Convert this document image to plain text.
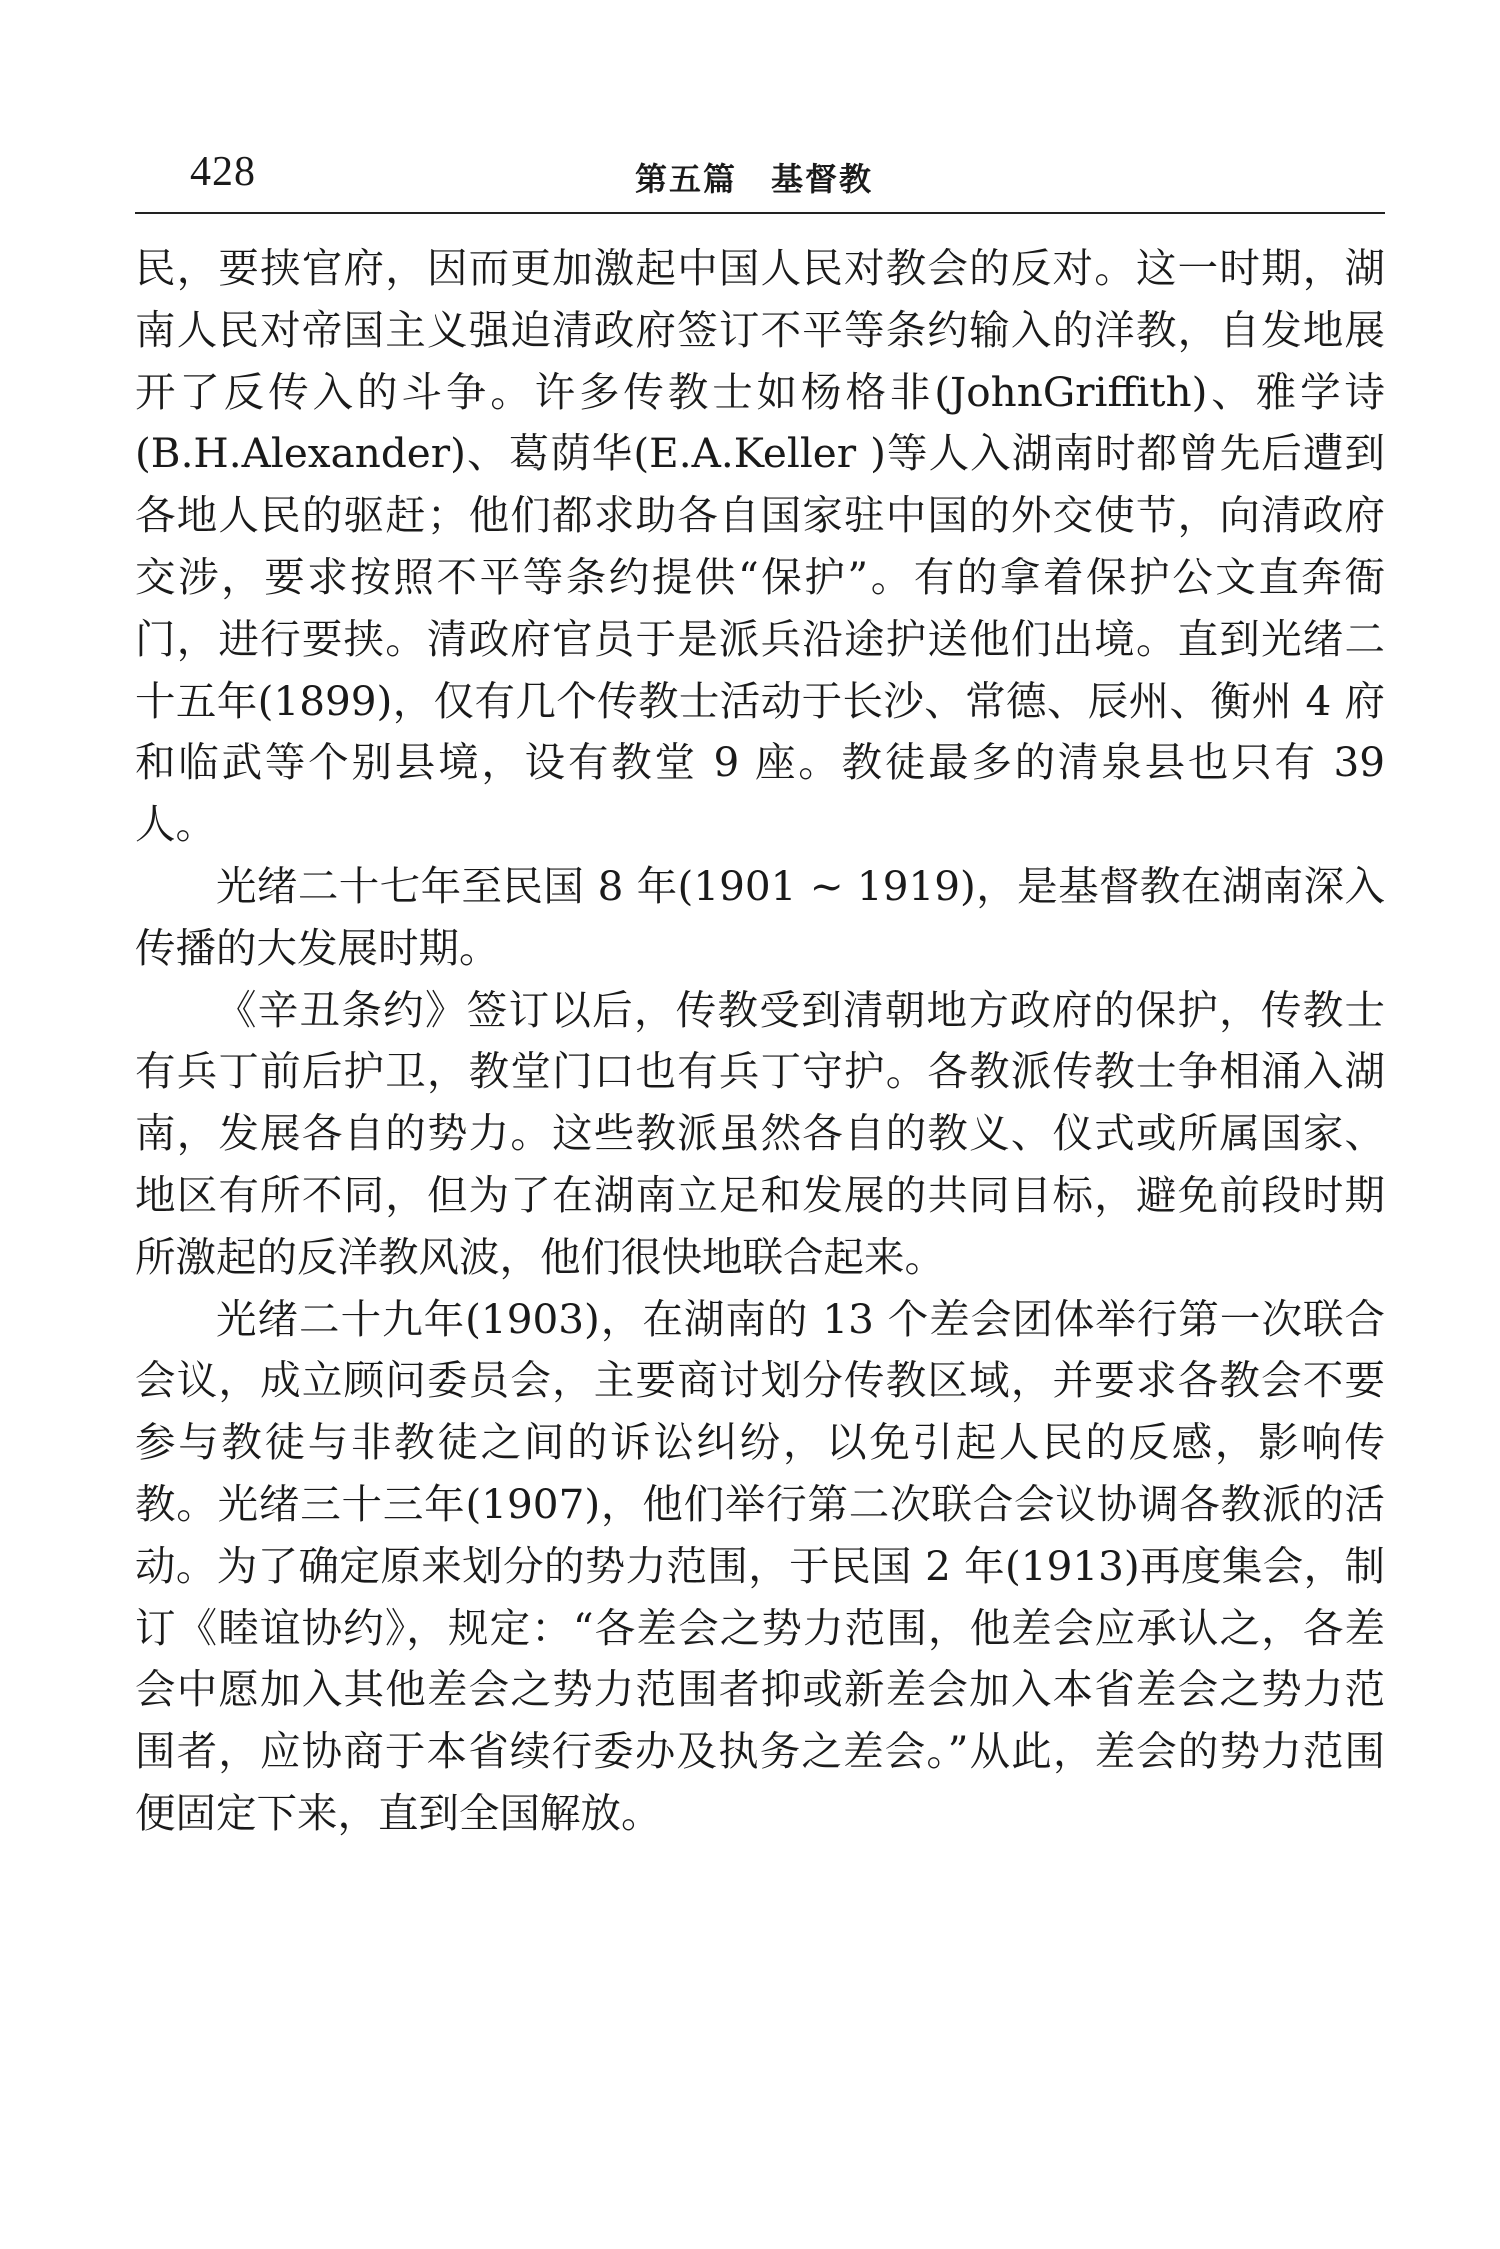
428	第五篇　基督教

民，要挟官府，因而更加激起中国人民对教会的反对。这一时期，湖南人民对帝国主义强迫清政府签订不平等条约输入的洋教，自发地展开了反传入的斗争。许多传教士如杨格非(JohnGriffith)、雅学诗(B.H.Alexander)、葛荫华(E.A.Keller )等人入湖南时都曾先后遭到各地人民的驱赶；他们都求助各自国家驻中国的外交使节，向清政府交涉，要求按照不平等条约提供“保护”。有的拿着保护公文直奔衙门，进行要挟。清政府官员于是派兵沿途护送他们出境。直到光绪二十五年(1899)，仅有几个传教士活动于长沙、常德、辰州、衡州 4 府和临武等个别县境，设有教堂 9 座。教徒最多的清泉县也只有 39 人。

光绪二十七年至民国 8 年(1901 ~ 1919)，是基督教在湖南深入传播的大发展时期。

《辛丑条约》签订以后，传教受到清朝地方政府的保护，传教士有兵丁前后护卫，教堂门口也有兵丁守护。各教派传教士争相涌入湖南，发展各自的势力。这些教派虽然各自的教义、仪式或所属国家、地区有所不同，但为了在湖南立足和发展的共同目标，避免前段时期所激起的反洋教风波，他们很快地联合起来。

光绪二十九年(1903)，在湖南的 13 个差会团体举行第一次联合会议，成立顾问委员会，主要商讨划分传教区域，并要求各教会不要参与教徒与非教徒之间的诉讼纠纷，以免引起人民的反感，影响传教。光绪三十三年(1907)，他们举行第二次联合会议协调各教派的活动。为了确定原来划分的势力范围，于民国 2 年(1913)再度集会，制订《睦谊协约》，规定：“各差会之势力范围，他差会应承认之，各差会中愿加入其他差会之势力范围者抑或新差会加入本省差会之势力范围者，应协商于本省续行委办及执务之差会。”从此，差会的势力范围便固定下来，直到全国解放。
